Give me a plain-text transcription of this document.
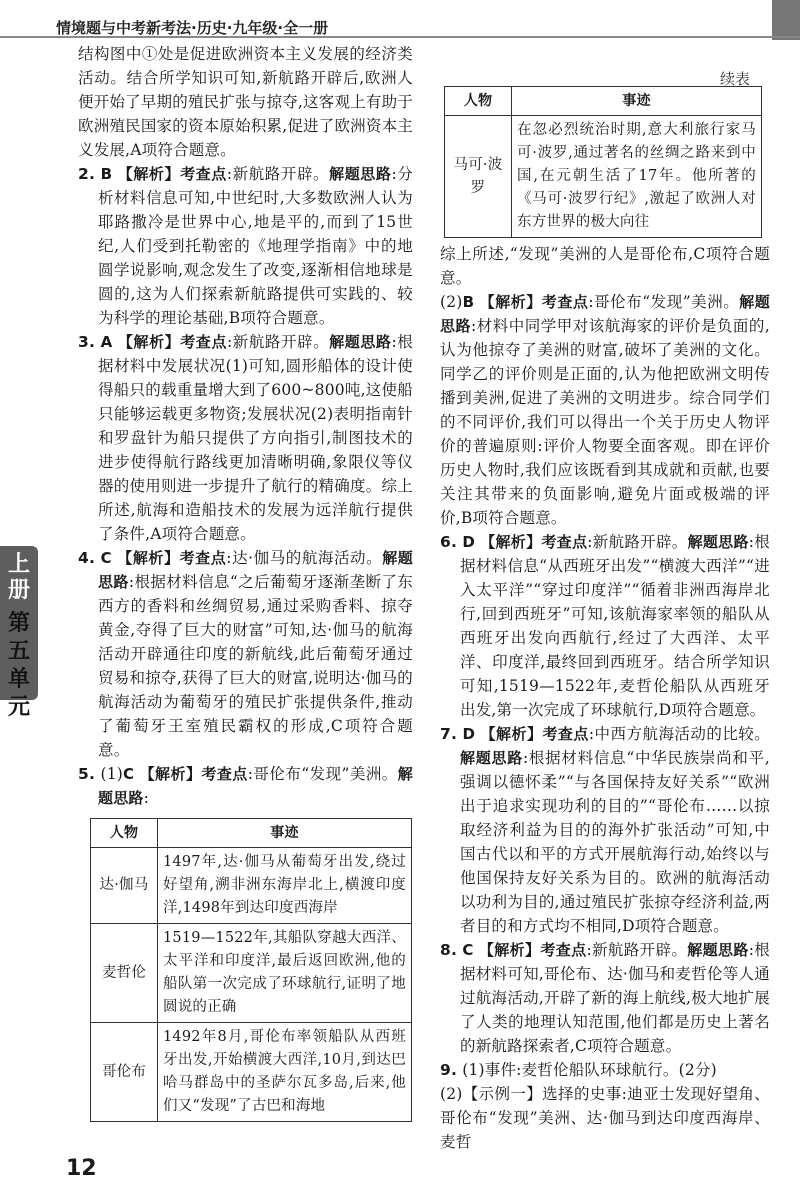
情境题与中考新考法·历史·九年级·全一册
上册
第五单元

结构图中①处是促进欧洲资本主义发展的经济类活动。结合所学知识可知,新航路开辟后,欧洲人便开始了早期的殖民扩张与掠夺,这客观上有助于欧洲殖民国家的资本原始积累,促进了欧洲资本主义发展,A项符合题意。

2. B 【解析】考查点:新航路开辟。解题思路:分析材料信息可知,中世纪时,大多数欧洲人认为耶路撒冷是世界中心,地是平的,而到了15世纪,人们受到托勒密的《地理学指南》中的地圆学说影响,观念发生了改变,逐渐相信地球是圆的,这为人们探索新航路提供可实践的、较为科学的理论基础,B项符合题意。

3. A 【解析】考查点:新航路开辟。解题思路:根据材料中发展状况(1)可知,圆形船体的设计使得船只的载重量增大到了600~800吨,这使船只能够运载更多物资;发展状况(2)表明指南针和罗盘针为船只提供了方向指引,制图技术的进步使得航行路线更加清晰明确,象限仪等仪器的使用则进一步提升了航行的精确度。综上所述,航海和造船技术的发展为远洋航行提供了条件,A项符合题意。

4. C 【解析】考查点:达·伽马的航海活动。解题思路:根据材料信息“之后葡萄牙逐渐垄断了东西方的香料和丝绸贸易,通过采购香料、掠夺黄金,夺得了巨大的财富”可知,达·伽马的航海活动开辟通往印度的新航线,此后葡萄牙通过贸易和掠夺,获得了巨大的财富,说明达·伽马的航海活动为葡萄牙的殖民扩张提供条件,推动了葡萄牙王室殖民霸权的形成,C项符合题意。

5. (1)C 【解析】考查点:哥伦布“发现”美洲。解题思路:

人物	事迹
达·伽马	1497年,达·伽马从葡萄牙出发,绕过好望角,溯非洲东海岸北上,横渡印度洋,1498年到达印度西海岸
麦哲伦	1519—1522年,其船队穿越大西洋、太平洋和印度洋,最后返回欧洲,他的船队第一次完成了环球航行,证明了地圆说的正确
哥伦布	1492年8月,哥伦布率领船队从西班牙出发,开始横渡大西洋,10月,到达巴哈马群岛中的圣萨尔瓦多岛,后来,他们又“发现”了古巴和海地
续表
人物	事迹
马可·波罗	在忽必烈统治时期,意大利旅行家马可·波罗,通过著名的丝绸之路来到中国,在元朝生活了17年。他所著的《马可·波罗行纪》,激起了欧洲人对东方世界的极大向往

综上所述,“发现”美洲的人是哥伦布,C项符合题意。

(2)B 【解析】考查点:哥伦布“发现”美洲。解题思路:材料中同学甲对该航海家的评价是负面的,认为他掠夺了美洲的财富,破坏了美洲的文化。同学乙的评价则是正面的,认为他把欧洲文明传播到美洲,促进了美洲的文明进步。综合同学们的不同评价,我们可以得出一个关于历史人物评价的普遍原则:评价人物要全面客观。即在评价历史人物时,我们应该既看到其成就和贡献,也要关注其带来的负面影响,避免片面或极端的评价,B项符合题意。

6. D 【解析】考查点:新航路开辟。解题思路:根据材料信息“从西班牙出发”“横渡大西洋”“进入太平洋”“穿过印度洋”“循着非洲西海岸北行,回到西班牙”可知,该航海家率领的船队从西班牙出发向西航行,经过了大西洋、太平洋、印度洋,最终回到西班牙。结合所学知识可知,1519—1522年,麦哲伦船队从西班牙出发,第一次完成了环球航行,D项符合题意。

7. D 【解析】考查点:中西方航海活动的比较。解题思路:根据材料信息“中华民族崇尚和平,强调以德怀柔”“与各国保持友好关系”“欧洲出于追求实现功利的目的”“哥伦布……以掠取经济利益为目的的海外扩张活动”可知,中国古代以和平的方式开展航海行动,始终以与他国保持友好关系为目的。欧洲的航海活动以功利为目的,通过殖民扩张掠夺经济利益,两者目的和方式均不相同,D项符合题意。

8. C 【解析】考查点:新航路开辟。解题思路:根据材料可知,哥伦布、达·伽马和麦哲伦等人通过航海活动,开辟了新的海上航线,极大地扩展了人类的地理认知范围,他们都是历史上著名的新航路探索者,C项符合题意。

9. (1)事件:麦哲伦船队环球航行。(2分)

(2)【示例一】选择的史事:迪亚士发现好望角、哥伦布“发现”美洲、达·伽马到达印度西海岸、麦哲

12
